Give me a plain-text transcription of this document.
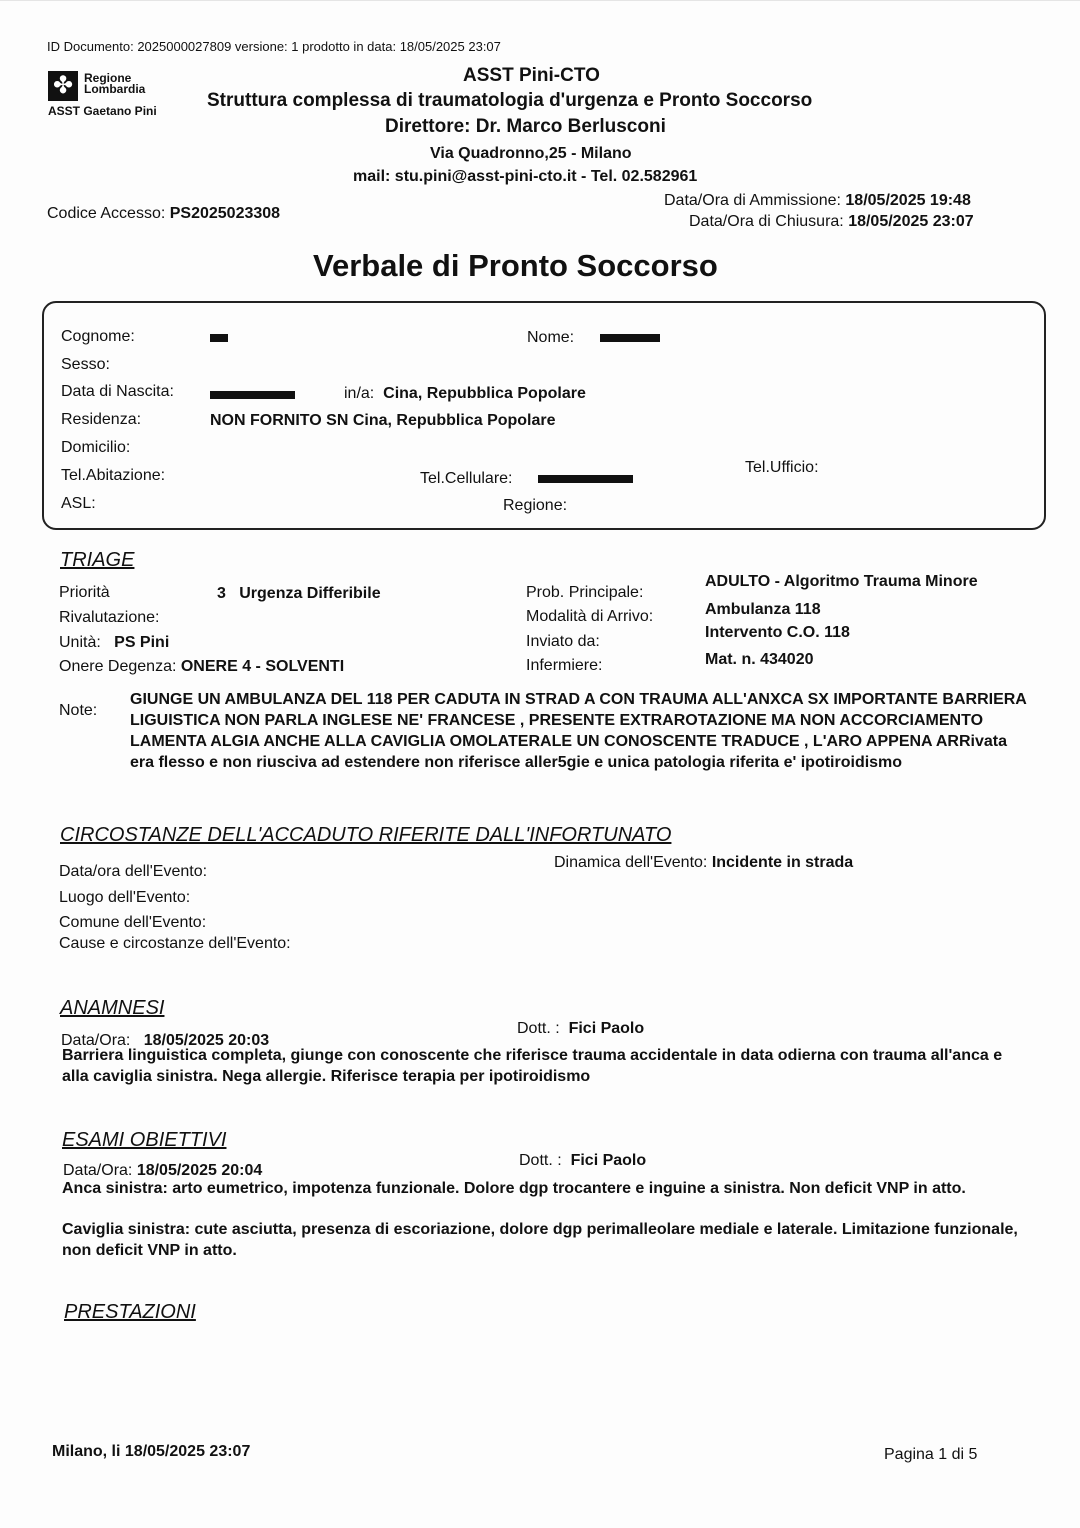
ID Documento: 2025000027809 versione: 1 prodotto in data: 18/05/2025 23:07
✤ Regione Lombardia
ASST Gaetano Pini
ASST Pini-CTO
Struttura complessa di traumatologia d'urgenza e Pronto Soccorso
Direttore: Dr. Marco Berlusconi
Via Quadronno,25 - Milano
mail: stu.pini@asst-pini-cto.it - Tel. 02.582961
Codice Accesso: PS2025023308
Data/Ora di Ammissione: 18/05/2025 19:48
Data/Ora di Chiusura: 18/05/2025 23:07
Verbale di Pronto Soccorso
Cognome:	Nome:
Sesso:
Data di Nascita:	in/a: Cina, Repubblica Popolare
Residenza:	NON FORNITO SN Cina, Repubblica Popolare
Domicilio:
Tel.Abitazione:	Tel.Cellulare:
Tel.Ufficio:
ASL:	Regione:
TRIAGE
Priorità	3   Urgenza Differibile
Rivalutazione:
Unità: PS Pini
Onere Degenza: ONERE 4 - SOLVENTI
Prob. Principale:
ADULTO - Algoritmo Trauma Minore
Modalità di Arrivo:	Ambulanza 118
Inviato da:
Intervento C.O. 118
Infermiere:	Mat. n. 434020
Note:
GIUNGE UN AMBULANZA DEL 118 PER CADUTA IN STRAD A CON TRAUMA ALL'ANXCA SX IMPORTANTE BARRIERA LIGUISTICA NON PARLA INGLESE NE' FRANCESE , PRESENTE EXTRAROTAZIONE MA NON ACCORCIAMENTO LAMENTA ALGIA ANCHE ALLA CAVIGLIA OMOLATERALE UN CONOSCENTE TRADUCE , L'ARO APPENA ARRivata era flesso e non riusciva ad estendere non riferisce aller5gie e unica patologia riferita e' ipotiroidismo
CIRCOSTANZE DELL'ACCADUTO RIFERITE DALL'INFORTUNATO
Data/ora dell'Evento:
Luogo dell'Evento:
Comune dell'Evento:
Cause e circostanze dell'Evento:
Dinamica dell'Evento: Incidente in strada
ANAMNESI
Data/Ora: 18/05/2025 20:03
Dott. : Fici Paolo
Barriera linguistica completa, giunge con conoscente che riferisce trauma accidentale in data odierna con trauma all'anca e alla caviglia sinistra. Nega allergie. Riferisce terapia per ipotiroidismo
ESAMI OBIETTIVI
Data/Ora: 18/05/2025 20:04
Dott. : Fici Paolo
Anca sinistra: arto eumetrico, impotenza funzionale. Dolore dgp trocantere e inguine a sinistra. Non deficit VNP in atto.
Caviglia sinistra: cute asciutta, presenza di escoriazione, dolore dgp perimalleolare mediale e laterale. Limitazione funzionale, non deficit VNP in atto.
PRESTAZIONI
Milano, li 18/05/2025 23:07	Pagina 1 di 5
